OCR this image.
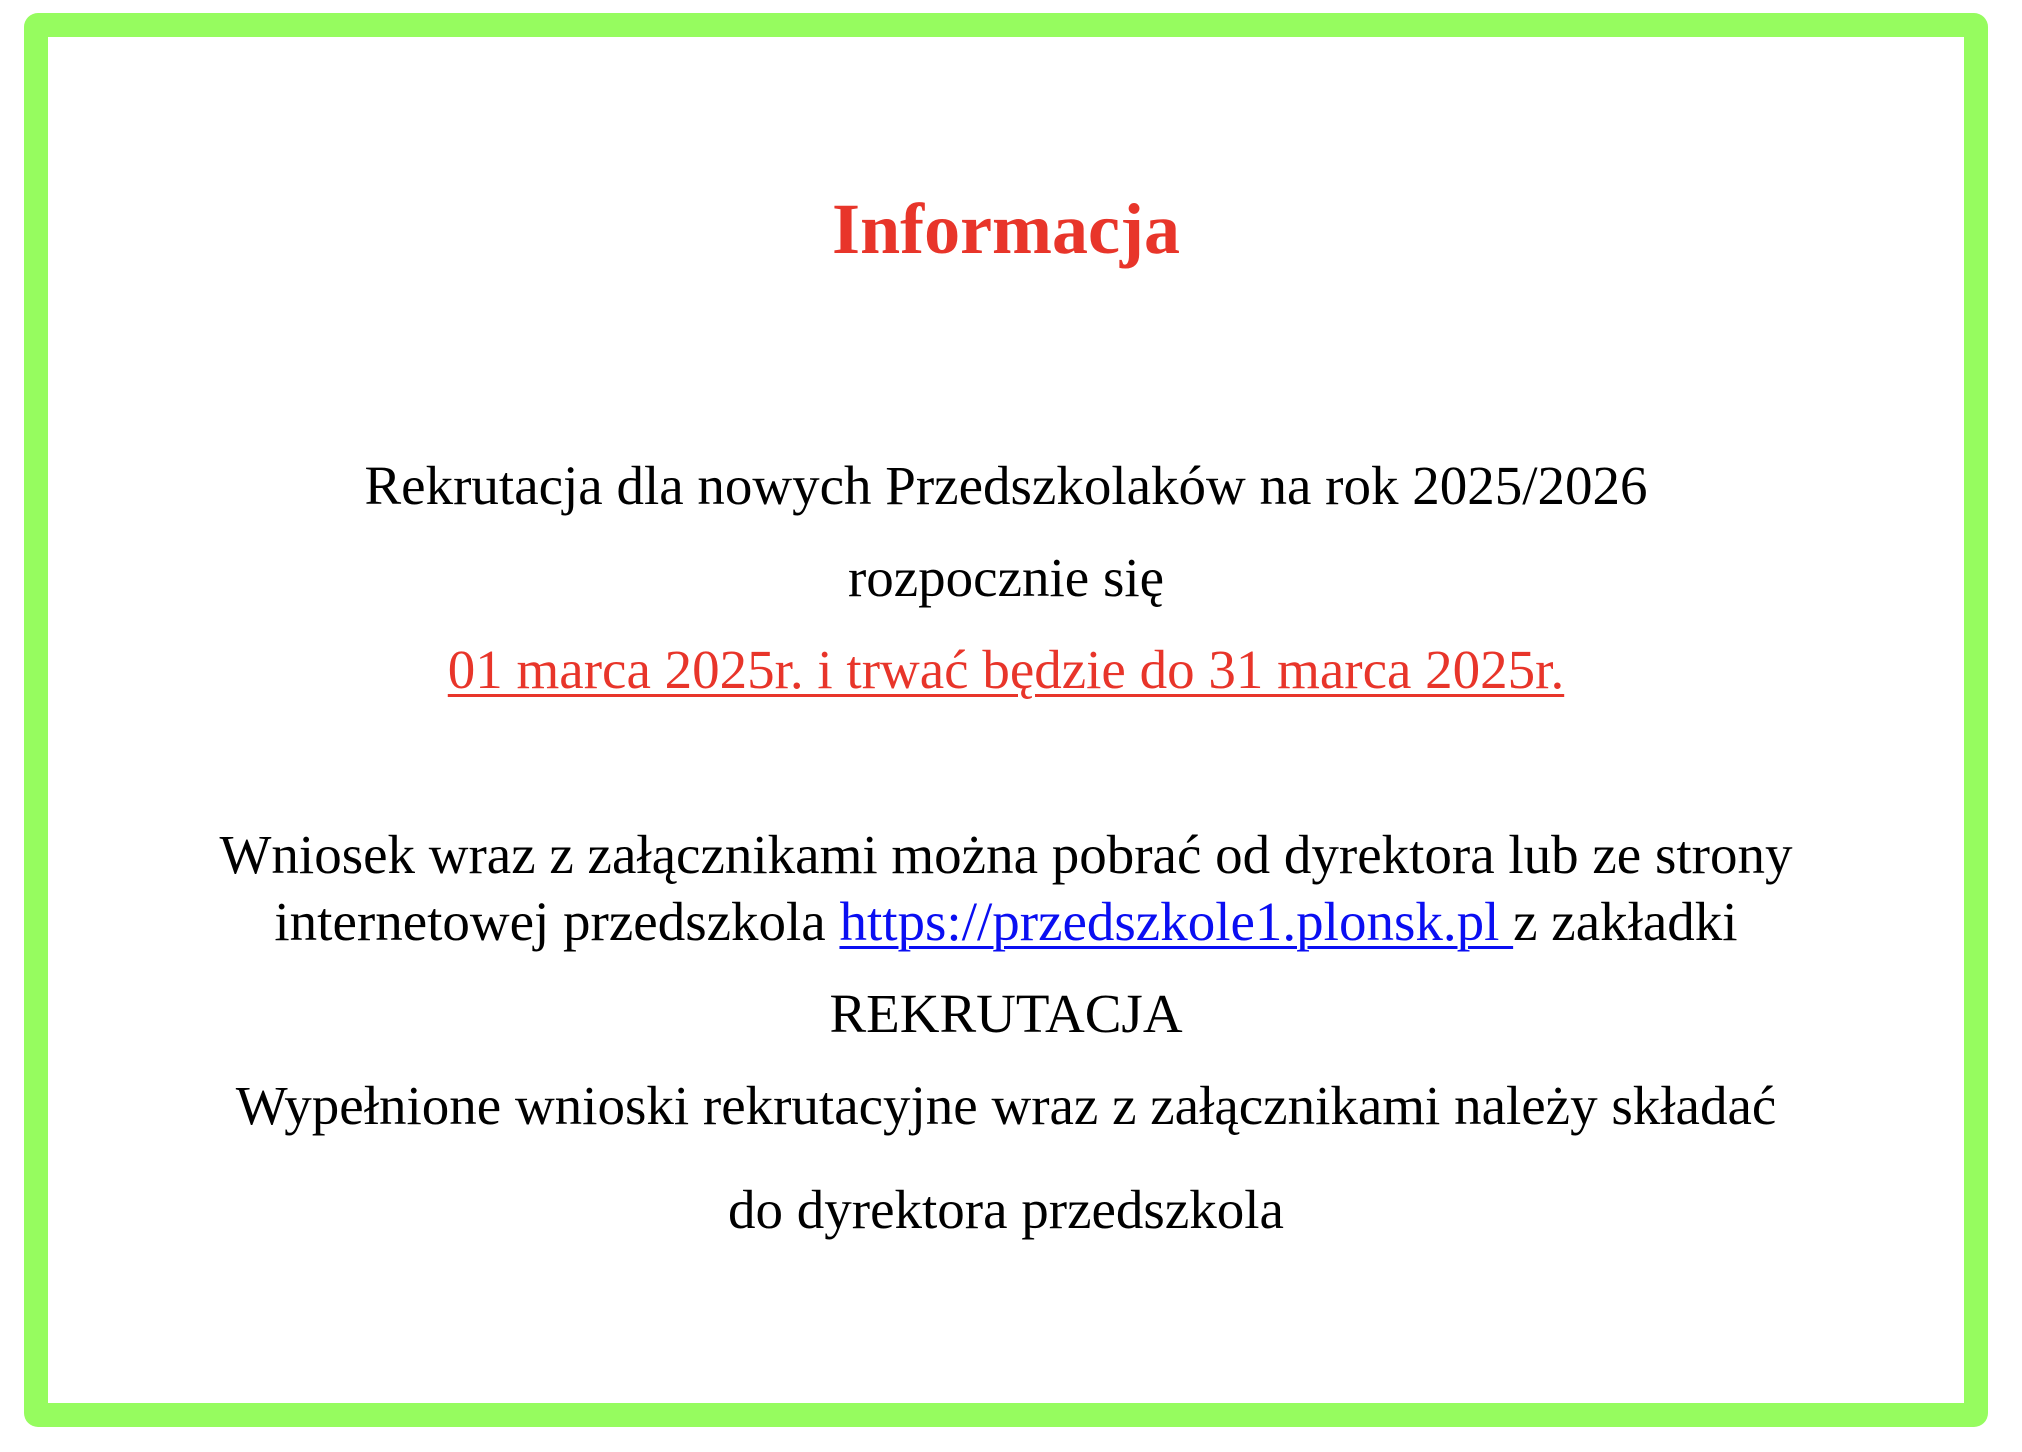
Informacja
Rekrutacja dla nowych Przedszkolaków na rok 2025/2026
rozpocznie się
01 marca 2025r. i trwać będzie do 31 marca 2025r.
Wniosek wraz z załącznikami można pobrać od dyrektora lub ze strony
internetowej przedszkola https://przedszkole1.plonsk.pl z zakładki
REKRUTACJA
Wypełnione wnioski rekrutacyjne wraz z załącznikami należy składać
do dyrektora przedszkola
